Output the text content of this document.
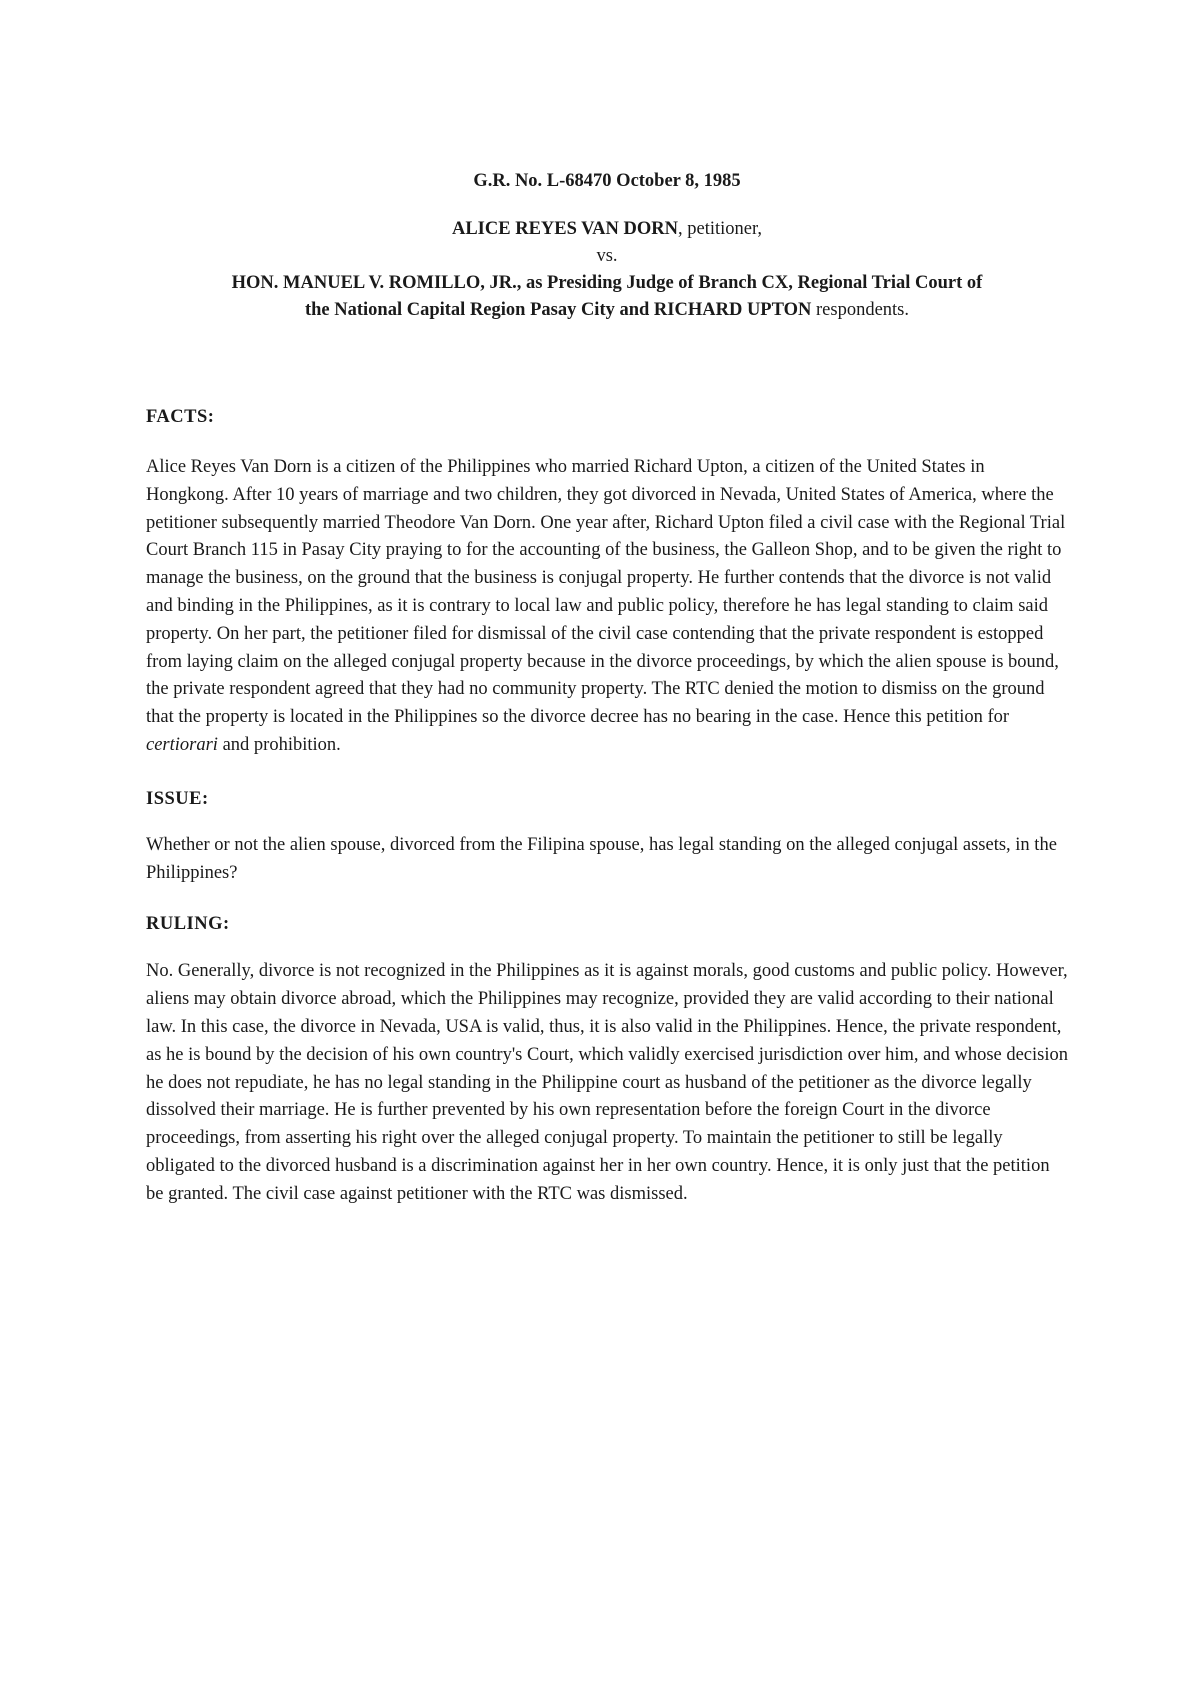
G.R. No. L-68470 October 8, 1985

ALICE REYES VAN DORN, petitioner,
vs.
HON. MANUEL V. ROMILLO, JR., as Presiding Judge of Branch CX, Regional Trial Court of
the National Capital Region Pasay City and RICHARD UPTON respondents.
FACTS:

Alice Reyes Van Dorn is a citizen of the Philippines who married Richard Upton, a citizen of the United States in Hongkong. After 10 years of marriage and two children, they got divorced in Nevada, United States of America, where the petitioner subsequently married Theodore Van Dorn. One year after, Richard Upton filed a civil case with the Regional Trial Court Branch 115 in Pasay City praying to for the accounting of the business, the Galleon Shop, and to be given the right to manage the business, on the ground that the business is conjugal property. He further contends that the divorce is not valid and binding in the Philippines, as it is contrary to local law and public policy, therefore he has legal standing to claim said property. On her part, the petitioner filed for dismissal of the civil case contending that the private respondent is estopped from laying claim on the alleged conjugal property because in the divorce proceedings, by which the alien spouse is bound, the private respondent agreed that they had no community property. The RTC denied the motion to dismiss on the ground that the property is located in the Philippines so the divorce decree has no bearing in the case. Hence this petition for certiorari and prohibition.

ISSUE:

Whether or not the alien spouse, divorced from the Filipina spouse, has legal standing on the alleged conjugal assets, in the Philippines?

RULING:

No. Generally, divorce is not recognized in the Philippines as it is against morals, good customs and public policy. However, aliens may obtain divorce abroad, which the Philippines may recognize, provided they are valid according to their national law. In this case, the divorce in Nevada, USA is valid, thus, it is also valid in the Philippines. Hence, the private respondent, as he is bound by the decision of his own country's Court, which validly exercised jurisdiction over him, and whose decision he does not repudiate, he has no legal standing in the Philippine court as husband of the petitioner as the divorce legally dissolved their marriage. He is further prevented by his own representation before the foreign Court in the divorce proceedings, from asserting his right over the alleged conjugal property. To maintain the petitioner to still be legally obligated to the divorced husband is a discrimination against her in her own country. Hence, it is only just that the petition be granted. The civil case against petitioner with the RTC was dismissed.
